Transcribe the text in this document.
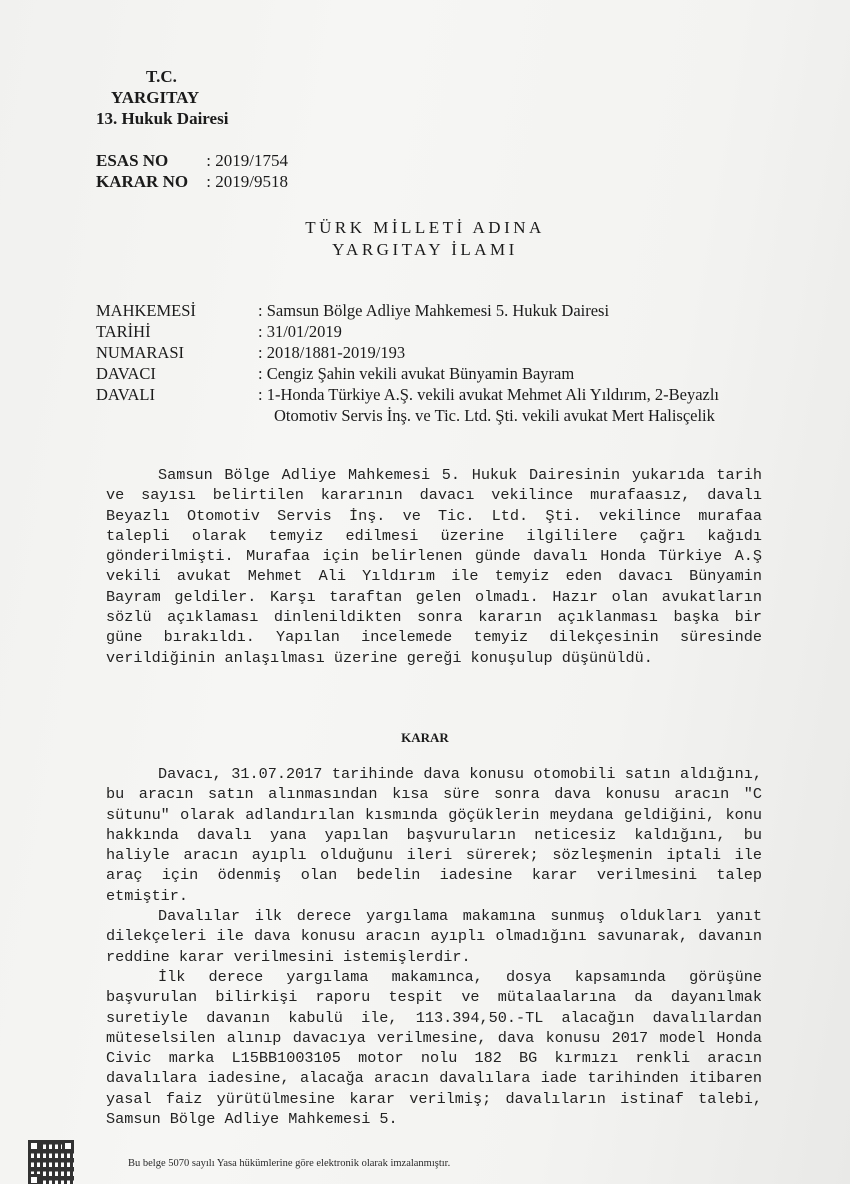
T.C.
YARGITAY
13. Hukuk Dairesi
ESAS NO : 2019/1754
KARAR NO : 2019/9518
TÜRK MİLLETİ ADINA
YARGITAY İLAMI
MAHKEMESİ	: Samsun Bölge Adliye Mahkemesi 5. Hukuk Dairesi
TARİHİ	: 31/01/2019
NUMARASI	: 2018/1881-2019/193
DAVACI	: Cengiz Şahin vekili avukat Bünyamin Bayram
DAVALI	: 1-Honda Türkiye A.Ş. vekili avukat Mehmet Ali Yıldırım, 2-Beyazlı
Otomotiv Servis İnş. ve Tic. Ltd. Şti. vekili avukat Mert Halisçelik

Samsun Bölge Adliye Mahkemesi 5. Hukuk Dairesinin yukarıda tarih ve sayısı belirtilen kararının davacı vekilince murafaasız, davalı Beyazlı Otomotiv Servis İnş. ve Tic. Ltd. Şti. vekilince murafaa talepli olarak temyiz edilmesi üzerine ilgililere çağrı kağıdı gönderilmişti. Murafaa için belirlenen günde davalı Honda Türkiye A.Ş vekili avukat Mehmet Ali Yıldırım ile temyiz eden davacı Bünyamin Bayram geldiler. Karşı taraftan gelen olmadı. Hazır olan avukatların sözlü açıklaması dinlenildikten sonra kararın açıklanması başka bir güne bırakıldı. Yapılan incelemede temyiz dilekçesinin süresinde verildiğinin anlaşılması üzerine gereği konuşulup düşünüldü.

KARAR

Davacı, 31.07.2017 tarihinde dava konusu otomobili satın aldığını, bu aracın satın alınmasından kısa süre sonra dava konusu aracın "C sütunu" olarak adlandırılan kısmında göçüklerin meydana geldiğini, konu hakkında davalı yana yapılan başvuruların neticesiz kaldığını, bu haliyle aracın ayıplı olduğunu ileri sürerek; sözleşmenin iptali ile araç için ödenmiş olan bedelin iadesine karar verilmesini talep etmiştir.

Davalılar ilk derece yargılama makamına sunmuş oldukları yanıt dilekçeleri ile dava konusu aracın ayıplı olmadığını savunarak, davanın reddine karar verilmesini istemişlerdir.

İlk derece yargılama makamınca, dosya kapsamında görüşüne başvurulan bilirkişi raporu tespit ve mütalaalarına da dayanılmak suretiyle davanın kabulü ile, 113.394,50.-TL alacağın davalılardan müteselsilen alınıp davacıya verilmesine, dava konusu 2017 model Honda Civic marka L15BB1003105 motor nolu 182 BG kırmızı renkli aracın davalılara iadesine, alacağa aracın davalılara iade tarihinden itibaren yasal faiz yürütülmesine karar verilmiş; davalıların istinaf talebi, Samsun Bölge Adliye Mahkemesi 5.

Bu belge 5070 sayılı Yasa hükümlerine göre elektronik olarak imzalanmıştır.
